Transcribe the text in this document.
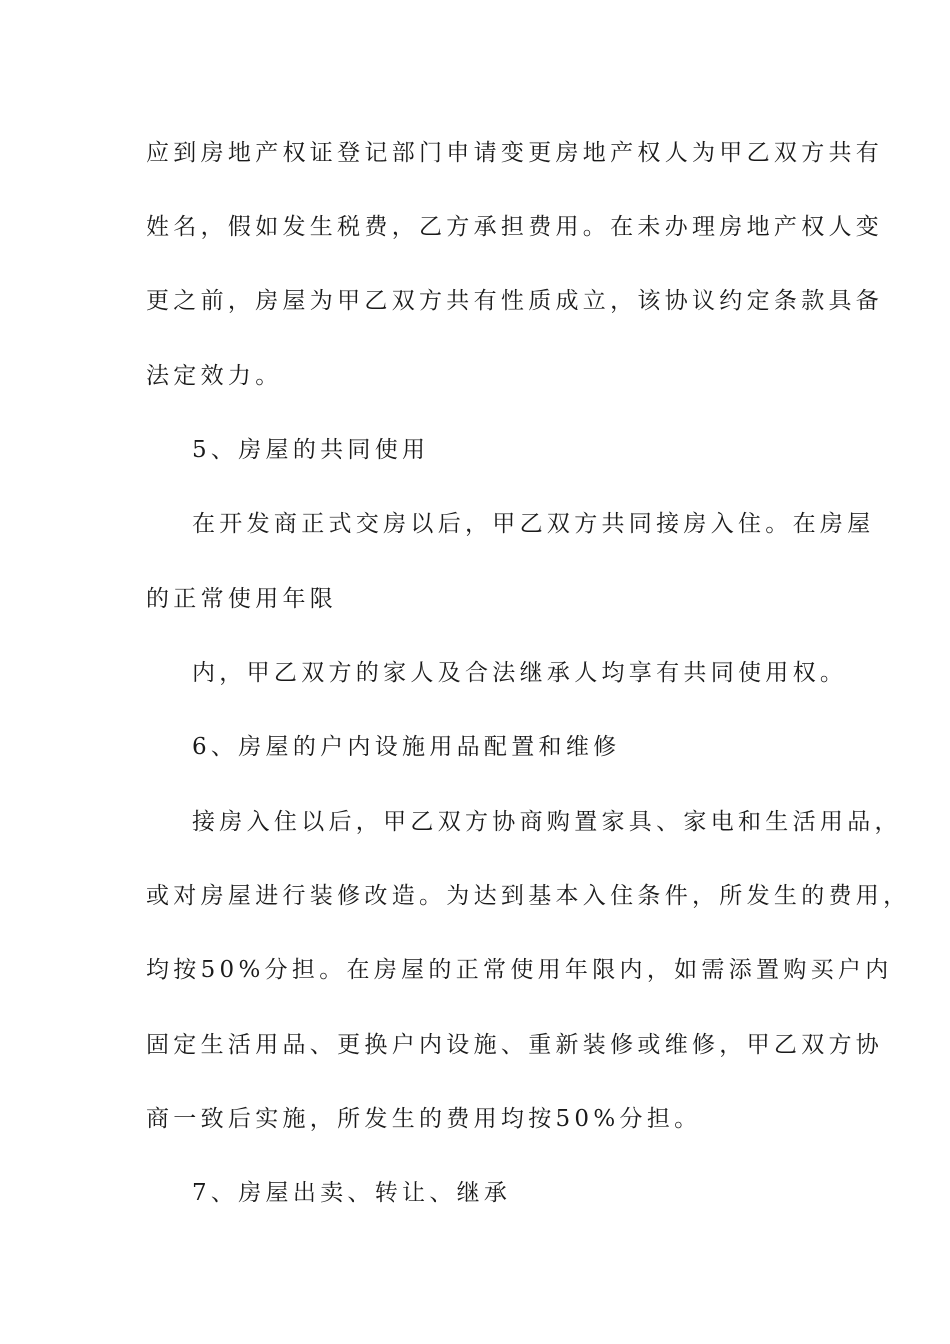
应到房地产权证登记部门申请变更房地产权人为甲乙双方共有
姓名，假如发生税费，乙方承担费用。在未办理房地产权人变
更之前，房屋为甲乙双方共有性质成立，该协议约定条款具备
法定效力。
5、房屋的共同使用
在开发商正式交房以后，甲乙双方共同接房入住。在房屋
的正常使用年限
内，甲乙双方的家人及合法继承人均享有共同使用权。
6、房屋的户内设施用品配置和维修
接房入住以后，甲乙双方协商购置家具、家电和生活用品，
或对房屋进行装修改造。为达到基本入住条件，所发生的费用，
均按50%分担。在房屋的正常使用年限内，如需添置购买户内
固定生活用品、更换户内设施、重新装修或维修，甲乙双方协
商一致后实施，所发生的费用均按50%分担。
7、房屋出卖、转让、继承
